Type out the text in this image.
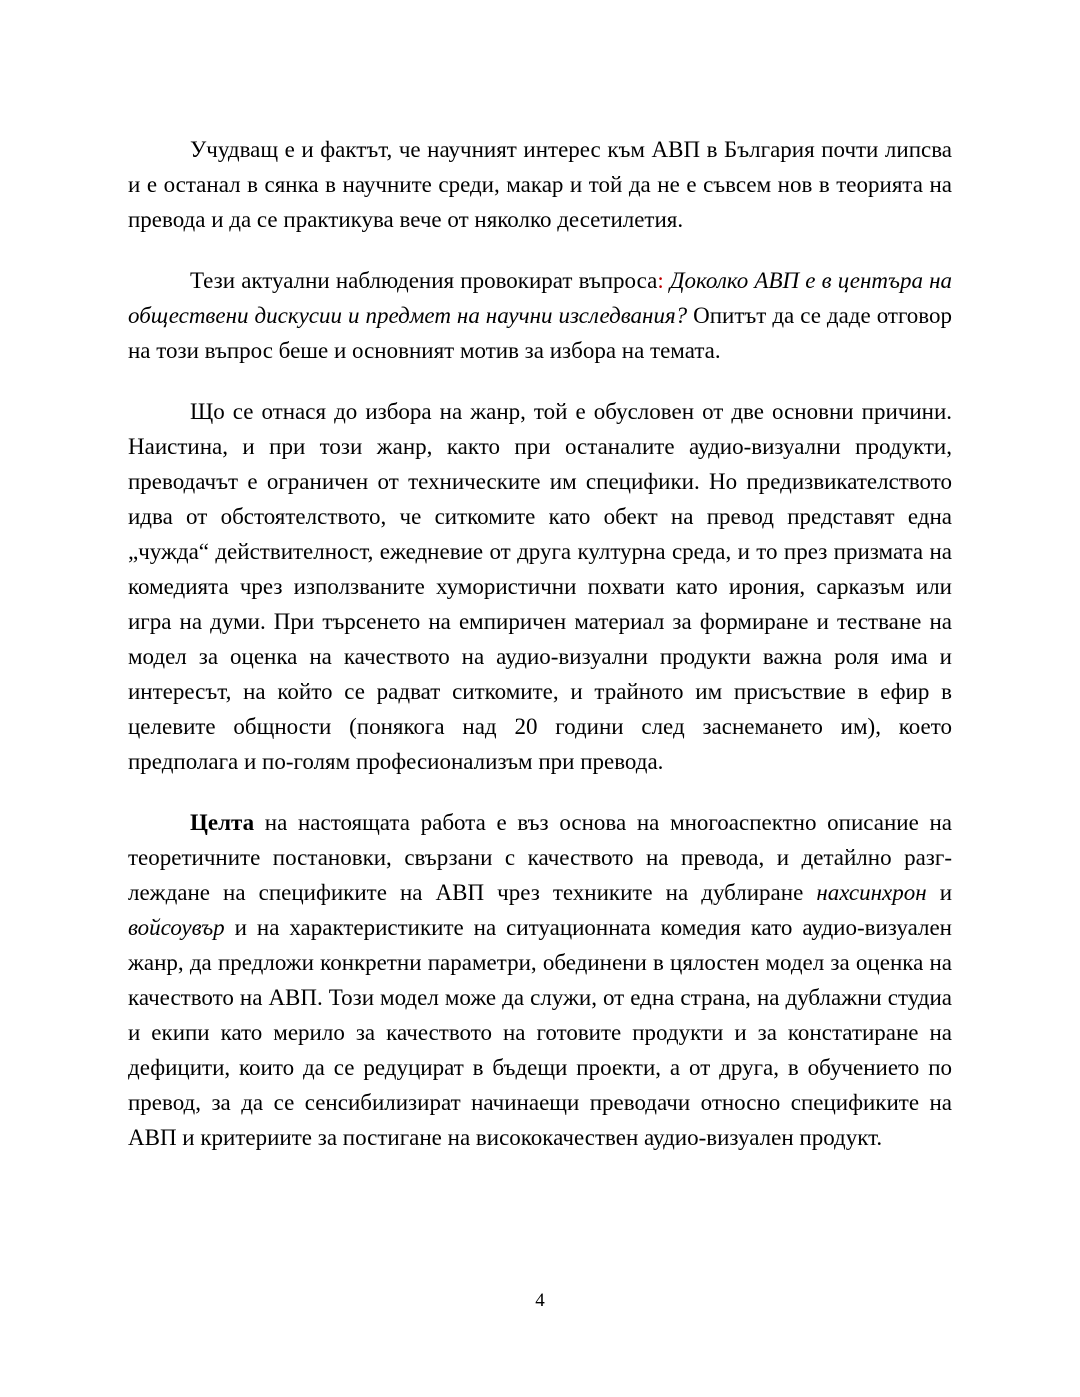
Учудващ е и фактът, че научният интерес към АВП в България почти липсва и е останал в сянка в научните среди, макар и той да не е съвсем нов в теорията на превода и да се практикува вече от няколко десетилетия.

Тези актуални наблюдения провокират въпроса: Доколко АВП е в центъра на обществени дискусии и предмет на научни изследвания? Опитът да се даде отговор на този въпрос беше и основният мотив за избора на темата.

Що се отнася до избора на жанр, той е обусловен от две основни причини. Наистина, и при този жанр, както при останалите аудио-визуални продукти, преводачът е ограничен от техническите им специфики. Но предизвикателството идва от обстоятелството, че ситкомите като обект на превод представят една „чужда“ действителност, ежедневие от друга културна среда, и то през призмата на комедията чрез използваните хумористични похвати като ирония, сарказъм или игра на думи. При търсенето на емпиричен материал за формиране и тестване на модел за оценка на качеството на аудио-визуални продукти важна роля има и интересът, на който се радват ситкомите, и трайното им присъствие в ефир в целевите общности (понякога над 20 години след заснемането им), което предполага и по-голям професионализъм при превода.

Целта на настоящата работа е въз основа на многоаспектно описание на теоретичните постановки, свързани с качеството на превода, и детайлно разглеждане на спецификите на АВП чрез техниките на дублиране нахсинхрон и войсоувър и на характеристиките на ситуационната комедия като аудио-визуален жанр, да предложи конкретни параметри, обединени в цялостен модел за оценка на качеството на АВП. Този модел може да служи, от една страна, на дублажни студиа и екипи като мерило за качеството на готовите продукти и за констатиране на дефицити, които да се редуцират в бъдещи проекти, а от друга, в обучението по превод, за да се сенсибилизират начинаещи преводачи относно спецификите на АВП и критериите за постигане на висококачествен аудио-визуален продукт.

4
